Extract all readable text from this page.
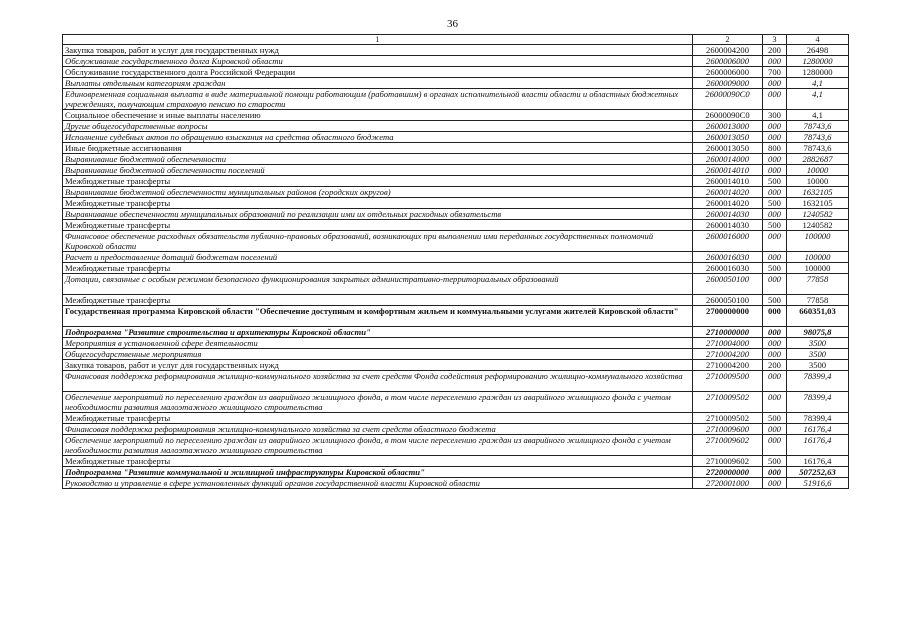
36
1	2	3	4
Закупка товаров, работ и услуг для государственных нужд	2600004200	200	26498
Обслуживание государственного долга Кировской области	2600006000	000	1280000
Обслуживание государственного долга Российской Федерации	2600006000	700	1280000
Выплаты отдельным категориям граждан	2600009000	000	4,1
Единовременная социальная выплата в виде материальной помощи работающим (работавшим) в органах исполнительной власти области и областных бюджетных учреждениях, получающим страховую пенсию по старости	26000090С0	000	4,1
Социальное обеспечение и иные выплаты населению	26000090С0	300	4,1
Другие общегосударственные вопросы	2600013000	000	78743,6
Исполнение судебных актов по обращению взыскания на средства областного бюджета	2600013050	000	78743,6
Иные бюджетные ассигнования	2600013050	800	78743,6
Выравнивание бюджетной обеспеченности	2600014000	000	2882687
Выравнивание бюджетной обеспеченности поселений	2600014010	000	10000
Межбюджетные трансферты	2600014010	500	10000
Выравнивание бюджетной обеспеченности муниципальных районов (городских округов)	2600014020	000	1632105
Межбюджетные трансферты	2600014020	500	1632105
Выравнивание обеспеченности муниципальных образований по реализации ими их отдельных расходных обязательств	2600014030	000	1240582
Межбюджетные трансферты	2600014030	500	1240582
Финансовое обеспечение расходных обязательств публично-правовых образований, возникающих при выполнении ими переданных государственных полномочий Кировской области	2600016000	000	100000
Расчет и предоставление дотаций бюджетам поселений	2600016030	000	100000
Межбюджетные трансферты	2600016030	500	100000
Дотации, связанные с особым режимом безопасного функционирования закрытых административно-территориальных образований	2600050100	000	77858
Межбюджетные трансферты	2600050100	500	77858
Государственная программа Кировской области "Обеспечение доступным и комфортным жильем и коммунальными услугами жителей Кировской области"	2700000000	000	660351,03
Подпрограмма "Развитие строительства и архитектуры Кировской области"	2710000000	000	98075,8
Мероприятия в установленной сфере деятельности	2710004000	000	3500
Общегосударственные мероприятия	2710004200	000	3500
Закупка товаров, работ и услуг для государственных нужд	2710004200	200	3500
Финансовая поддержка реформирования жилищно-коммунального хозяйства за счет средств Фонда содействия реформированию жилищно-коммунального хозяйства	2710009500	000	78399,4
Обеспечение мероприятий по переселению граждан из аварийного жилищного фонда, в том числе переселению граждан из аварийного жилищного фонда с учетом необходимости развития малоэтажного жилищного строительства	2710009502	000	78399,4
Межбюджетные трансферты	2710009502	500	78399,4
Финансовая поддержка реформирования жилищно-коммунального хозяйства за счет средств областного бюджета	2710009600	000	16176,4
Обеспечение мероприятий по переселению граждан из аварийного жилищного фонда, в том числе переселению граждан из аварийного жилищного фонда с учетом необходимости развития малоэтажного жилищного строительства	2710009602	000	16176,4
Межбюджетные трансферты	2710009602	500	16176,4
Подпрограмма "Развитие коммунальной и жилищной инфраструктуры Кировской области"	2720000000	000	507252,63
Руководство и управление в сфере установленных функций органов государственной власти Кировской области	2720001000	000	51916,6
